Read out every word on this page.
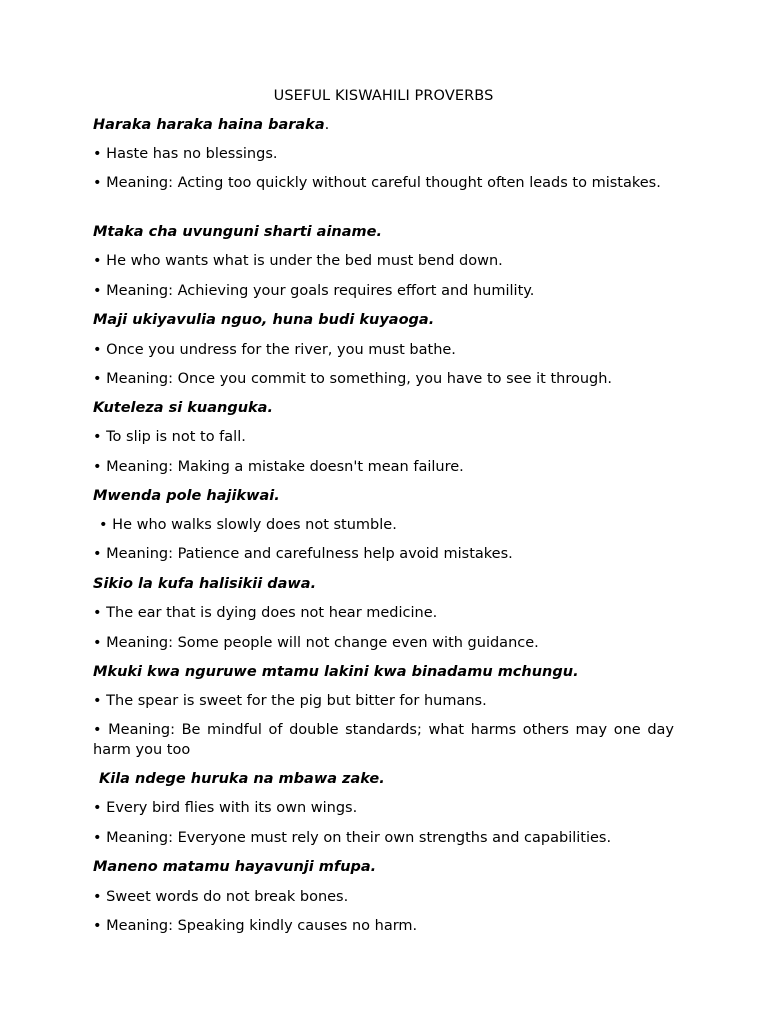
USEFUL KISWAHILI PROVERBS
Haraka haraka haina baraka.
• Haste has no blessings.
• Meaning: Acting too quickly without careful thought often leads to mistakes.
Mtaka cha uvunguni sharti ainame.
• He who wants what is under the bed must bend down.
• Meaning: Achieving your goals requires effort and humility.
Maji ukiyavulia nguo, huna budi kuyaoga.
• Once you undress for the river, you must bathe.
• Meaning: Once you commit to something, you have to see it through.
Kuteleza si kuanguka.
• To slip is not to fall.
• Meaning: Making a mistake doesn't mean failure.
Mwenda pole hajikwai.
• He who walks slowly does not stumble.
• Meaning: Patience and carefulness help avoid mistakes.
Sikio la kufa halisikii dawa.
• The ear that is dying does not hear medicine.
• Meaning: Some people will not change even with guidance.
Mkuki kwa nguruwe mtamu lakini kwa binadamu mchungu.
• The spear is sweet for the pig but bitter for humans.
• Meaning: Be mindful of double standards; what harms others may one day harm you too
Kila ndege huruka na mbawa zake.
• Every bird flies with its own wings.
• Meaning: Everyone must rely on their own strengths and capabilities.
Maneno matamu hayavunji mfupa.
• Sweet words do not break bones.
• Meaning: Speaking kindly causes no harm.
